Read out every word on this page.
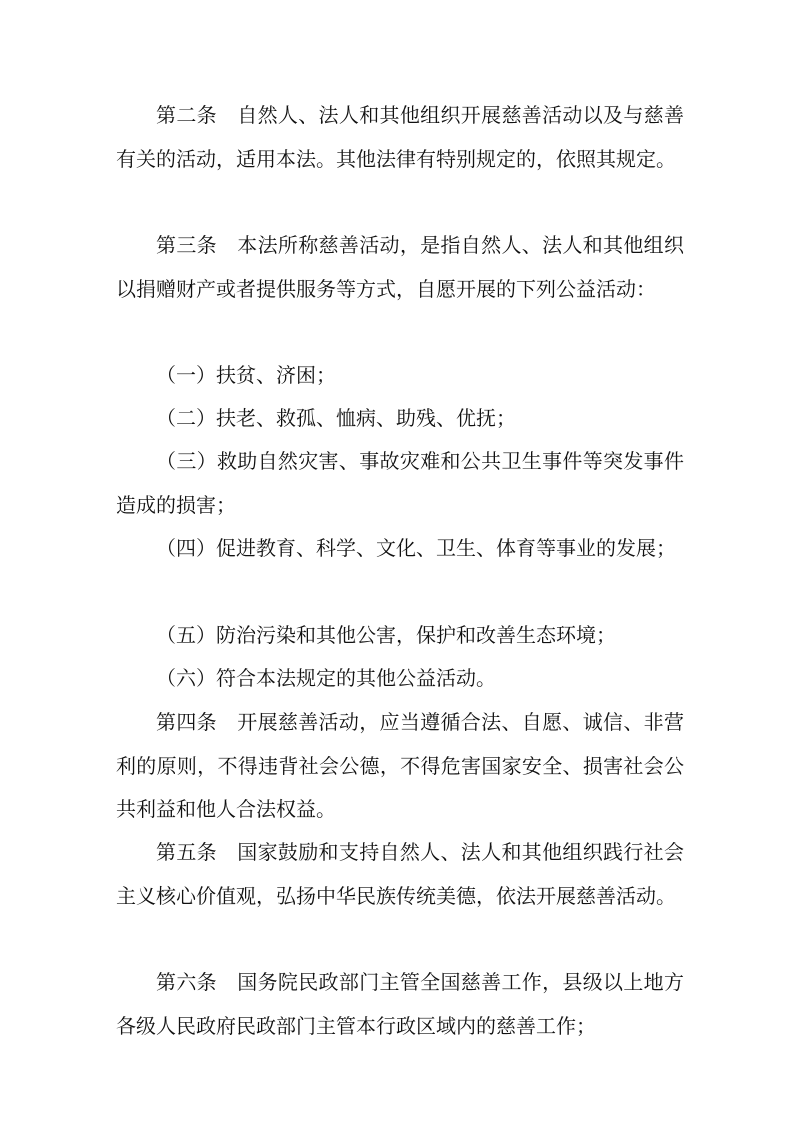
第二条　自然人、法人和其他组织开展慈善活动以及与慈善有关的活动，适用本法。其他法律有特别规定的，依照其规定。

第三条　本法所称慈善活动，是指自然人、法人和其他组织以捐赠财产或者提供服务等方式，自愿开展的下列公益活动：

（一）扶贫、济困；

（二）扶老、救孤、恤病、助残、优抚；

（三）救助自然灾害、事故灾难和公共卫生事件等突发事件造成的损害；

（四）促进教育、科学、文化、卫生、体育等事业的发展；

（五）防治污染和其他公害，保护和改善生态环境；

（六）符合本法规定的其他公益活动。

第四条　开展慈善活动，应当遵循合法、自愿、诚信、非营利的原则，不得违背社会公德，不得危害国家安全、损害社会公共利益和他人合法权益。

第五条　国家鼓励和支持自然人、法人和其他组织践行社会主义核心价值观，弘扬中华民族传统美德，依法开展慈善活动。

第六条　国务院民政部门主管全国慈善工作，县级以上地方各级人民政府民政部门主管本行政区域内的慈善工作；
